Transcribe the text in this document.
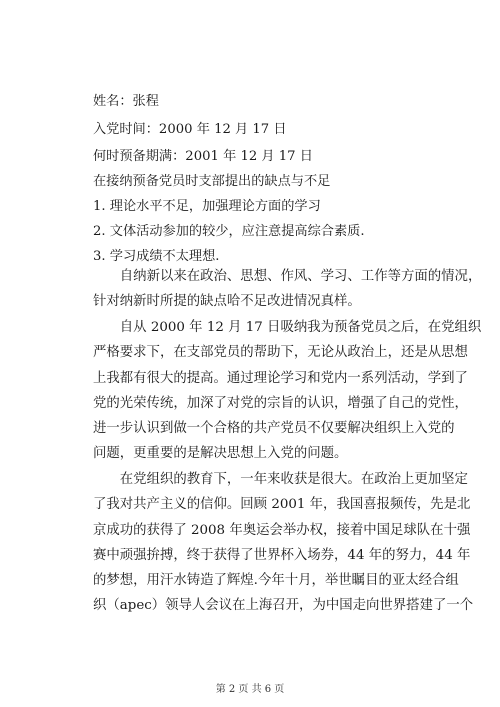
姓名：张程
入党时间：2000 年 12 月 17 日
何时预备期满：2001 年 12 月 17 日
在接纳预备党员时支部提出的缺点与不足
1. 理论水平不足，加强理论方面的学习
2. 文体活动参加的较少，应注意提高综合素质.
3. 学习成绩不太理想.
自纳新以来在政治、思想、作风、学习、工作等方面的情况，
针对纳新时所提的缺点哈不足改进情况真样。
自从 2000 年 12 月 17 日吸纳我为预备党员之后，在党组织
严格要求下，在支部党员的帮助下，无论从政治上，还是从思想
上我都有很大的提高。通过理论学习和党内一系列活动，学到了
党的光荣传统，加深了对党的宗旨的认识，增强了自己的党性，
进一步认识到做一个合格的共产党员不仅要解决组织上入党的
问题，更重要的是解决思想上入党的问题。
在党组织的教育下，一年来收获是很大。在政治上更加坚定
了我对共产主义的信仰。回顾 2001 年，我国喜报频传，先是北
京成功的获得了 2008 年奥运会举办权，接着中国足球队在十强
赛中顽强拚搏，终于获得了世界杯入场券，44 年的努力，44 年
的梦想，用汗水铸造了辉煌.今年十月，举世瞩目的亚太经合组
织（apec）领导人会议在上海召开，为中国走向世界搭建了一个
第 2 页 共 6 页
